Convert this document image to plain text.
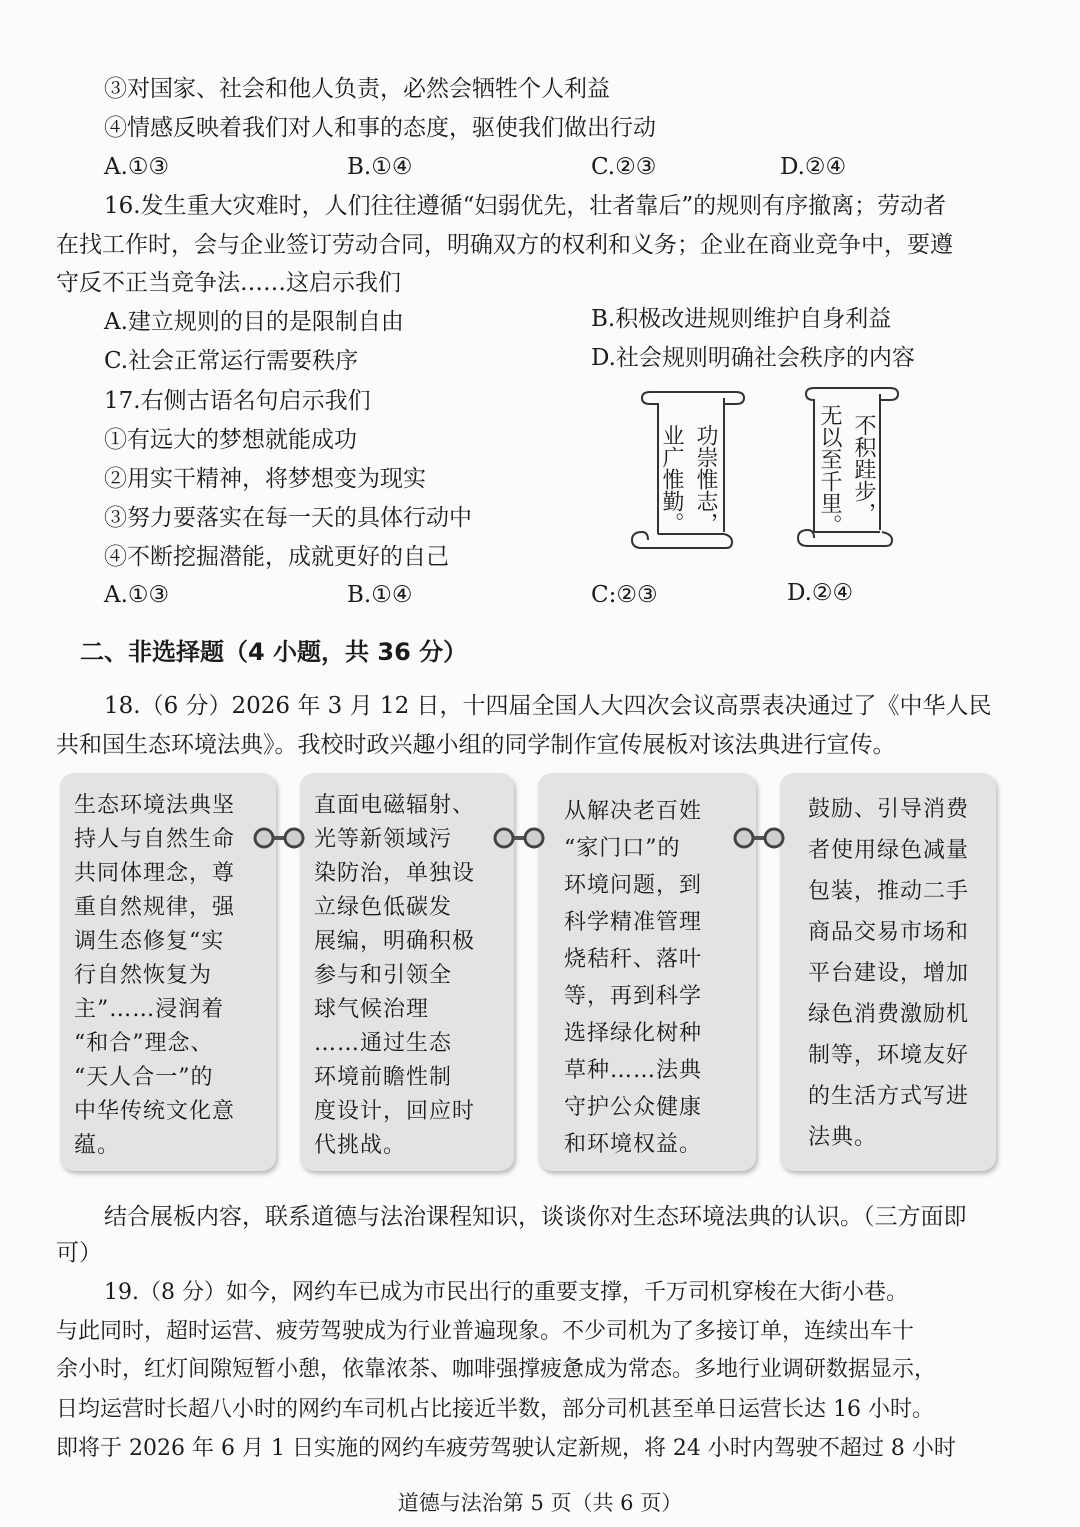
③对国家、社会和他人负责，必然会牺牲个人利益
④情感反映着我们对人和事的态度，驱使我们做出行动
A.①③	B.①④	C.②③	D.②④
16.发生重大灾难时，人们往往遵循“妇弱优先，壮者靠后”的规则有序撤离；劳动者
在找工作时，会与企业签订劳动合同，明确双方的权利和义务；企业在商业竞争中，要遵
守反不正当竞争法……这启示我们
A.建立规则的目的是限制自由	B.积极改进规则维护自身利益
C.社会正常运行需要秩序	D.社会规则明确社会秩序的内容
17.右侧古语名句启示我们
①有远大的梦想就能成功
②用实干精神，将梦想变为现实
③努力要落实在每一天的具体行动中
④不断挖掘潜能，成就更好的自己
A.①③	B.①④	C:②③	D.②④
功崇惟志，
业广惟勤。	不积跬步，
无以至千里。
二、非选择题（4 小题，共 36 分）
18.（6 分）2026 年 3 月 12 日，十四届全国人大四次会议高票表决通过了《中华人民
共和国生态环境法典》。我校时政兴趣小组的同学制作宣传展板对该法典进行宣传。
生态环境法典坚
持人与自然生命
共同体理念，尊
重自然规律，强
调生态修复“实
行自然恢复为
主”……浸润着
“和合”理念、
“天人合一”的
中华传统文化意
蕴。
直面电磁辐射、
光等新领域污
染防治，单独设
立绿色低碳发
展编，明确积极
参与和引领全
球气候治理
……通过生态
环境前瞻性制
度设计，回应时
代挑战。
从解决老百姓
“家门口”的
环境问题，到
科学精准管理
烧秸秆、落叶
等，再到科学
选择绿化树种
草种……法典
守护公众健康
和环境权益。
鼓励、引导消费
者使用绿色减量
包装，推动二手
商品交易市场和
平台建设，增加
绿色消费激励机
制等，环境友好
的生活方式写进
法典。
结合展板内容，联系道德与法治课程知识，谈谈你对生态环境法典的认识。（三方面即
可）
19.（8 分）如今，网约车已成为市民出行的重要支撑，千万司机穿梭在大街小巷。
与此同时，超时运营、疲劳驾驶成为行业普遍现象。不少司机为了多接订单，连续出车十
余小时，红灯间隙短暂小憩，依靠浓茶、咖啡强撑疲惫成为常态。多地行业调研数据显示，
日均运营时长超八小时的网约车司机占比接近半数，部分司机甚至单日运营长达 16 小时。
即将于 2026 年 6 月 1 日实施的网约车疲劳驾驶认定新规，将 24 小时内驾驶不超过 8 小时
道德与法治第 5 页（共 6 页）
